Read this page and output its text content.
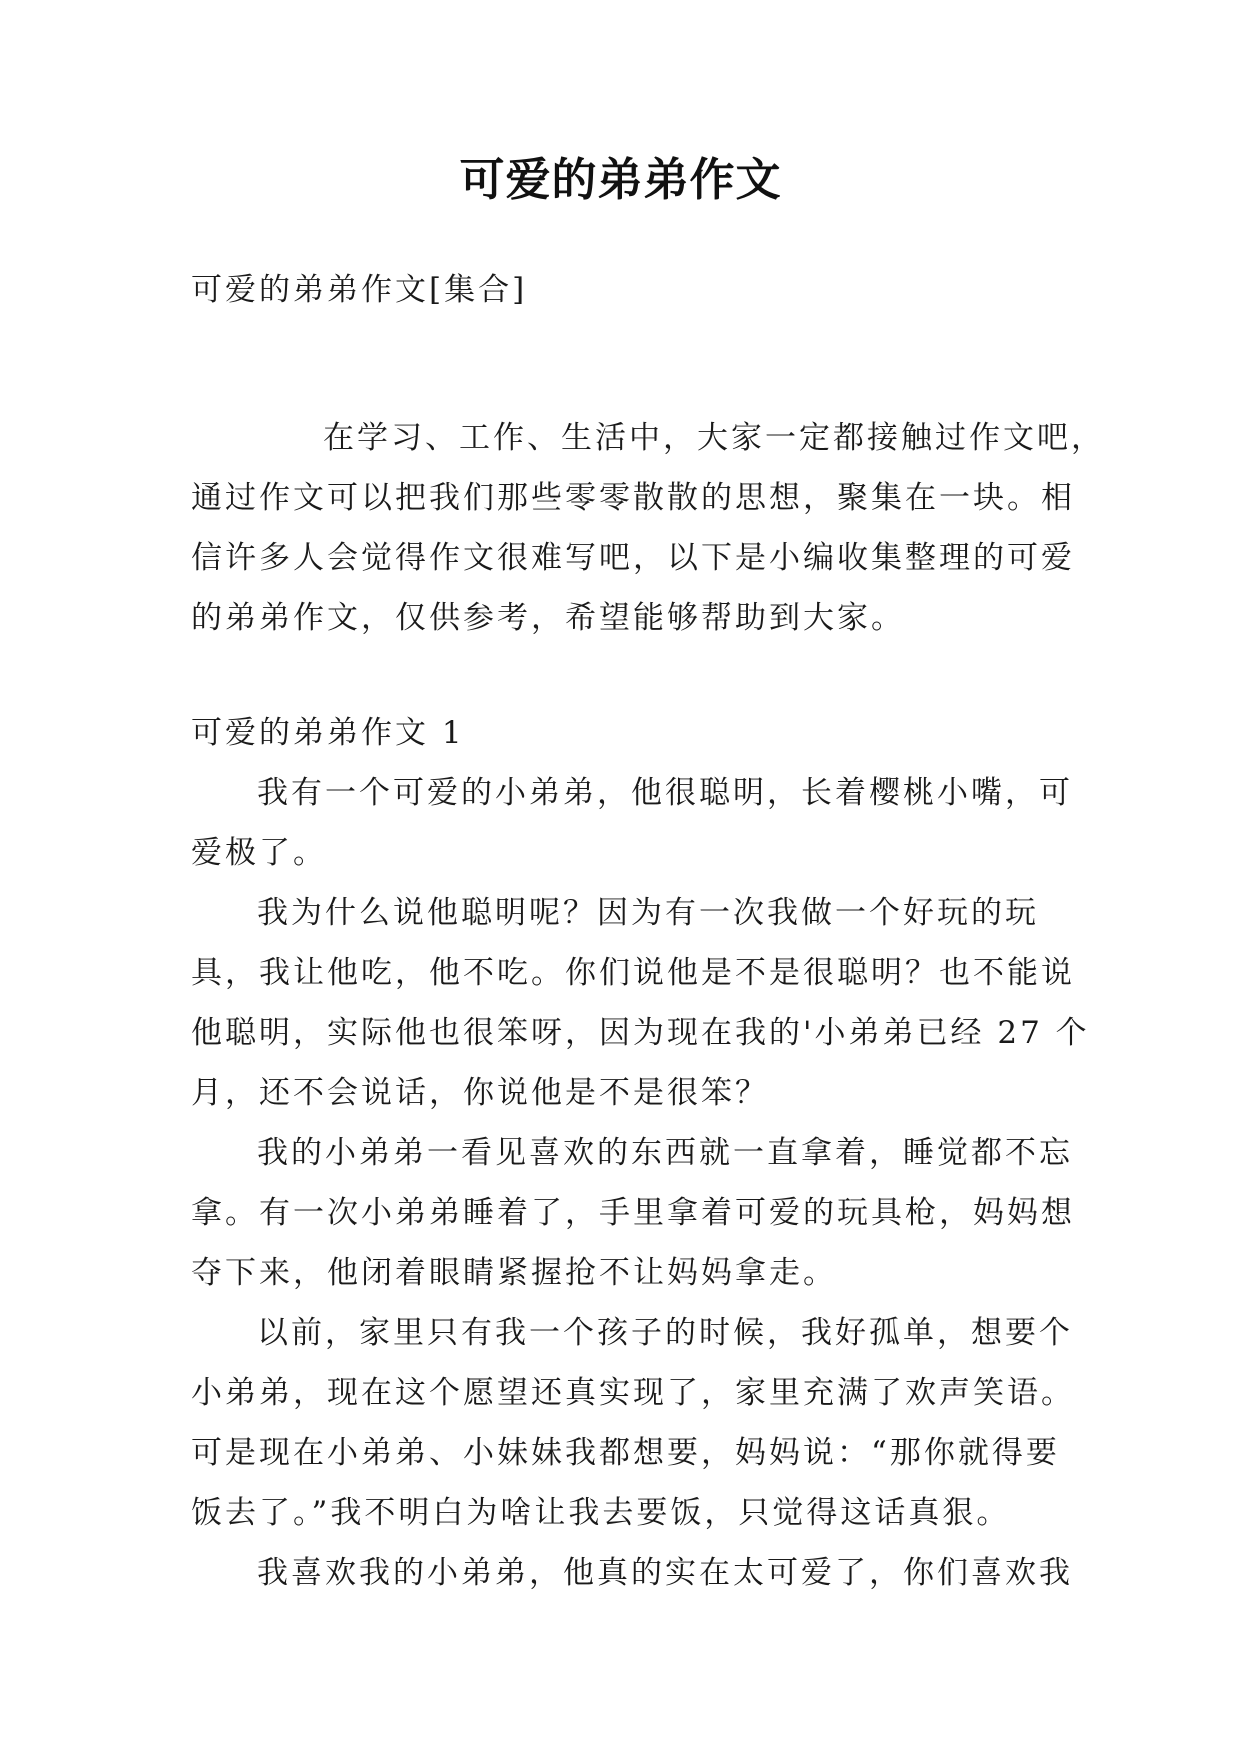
可爱的弟弟作文
可爱的弟弟作文[集合]
在学习、工作、生活中，大家一定都接触过作文吧，
通过作文可以把我们那些零零散散的思想，聚集在一块。相
信许多人会觉得作文很难写吧，以下是小编收集整理的可爱
的弟弟作文，仅供参考，希望能够帮助到大家。
可爱的弟弟作文 1
我有一个可爱的小弟弟，他很聪明，长着樱桃小嘴，可
爱极了。
我为什么说他聪明呢？因为有一次我做一个好玩的玩
具，我让他吃，他不吃。你们说他是不是很聪明？也不能说
他聪明，实际他也很笨呀，因为现在我的'小弟弟已经 27 个
月，还不会说话，你说他是不是很笨？
我的小弟弟一看见喜欢的东西就一直拿着，睡觉都不忘
拿。有一次小弟弟睡着了，手里拿着可爱的玩具枪，妈妈想
夺下来，他闭着眼睛紧握抢不让妈妈拿走。
以前，家里只有我一个孩子的时候，我好孤单，想要个
小弟弟，现在这个愿望还真实现了，家里充满了欢声笑语。
可是现在小弟弟、小妹妹我都想要，妈妈说：“那你就得要
饭去了。”我不明白为啥让我去要饭，只觉得这话真狠。
我喜欢我的小弟弟，他真的实在太可爱了，你们喜欢我
